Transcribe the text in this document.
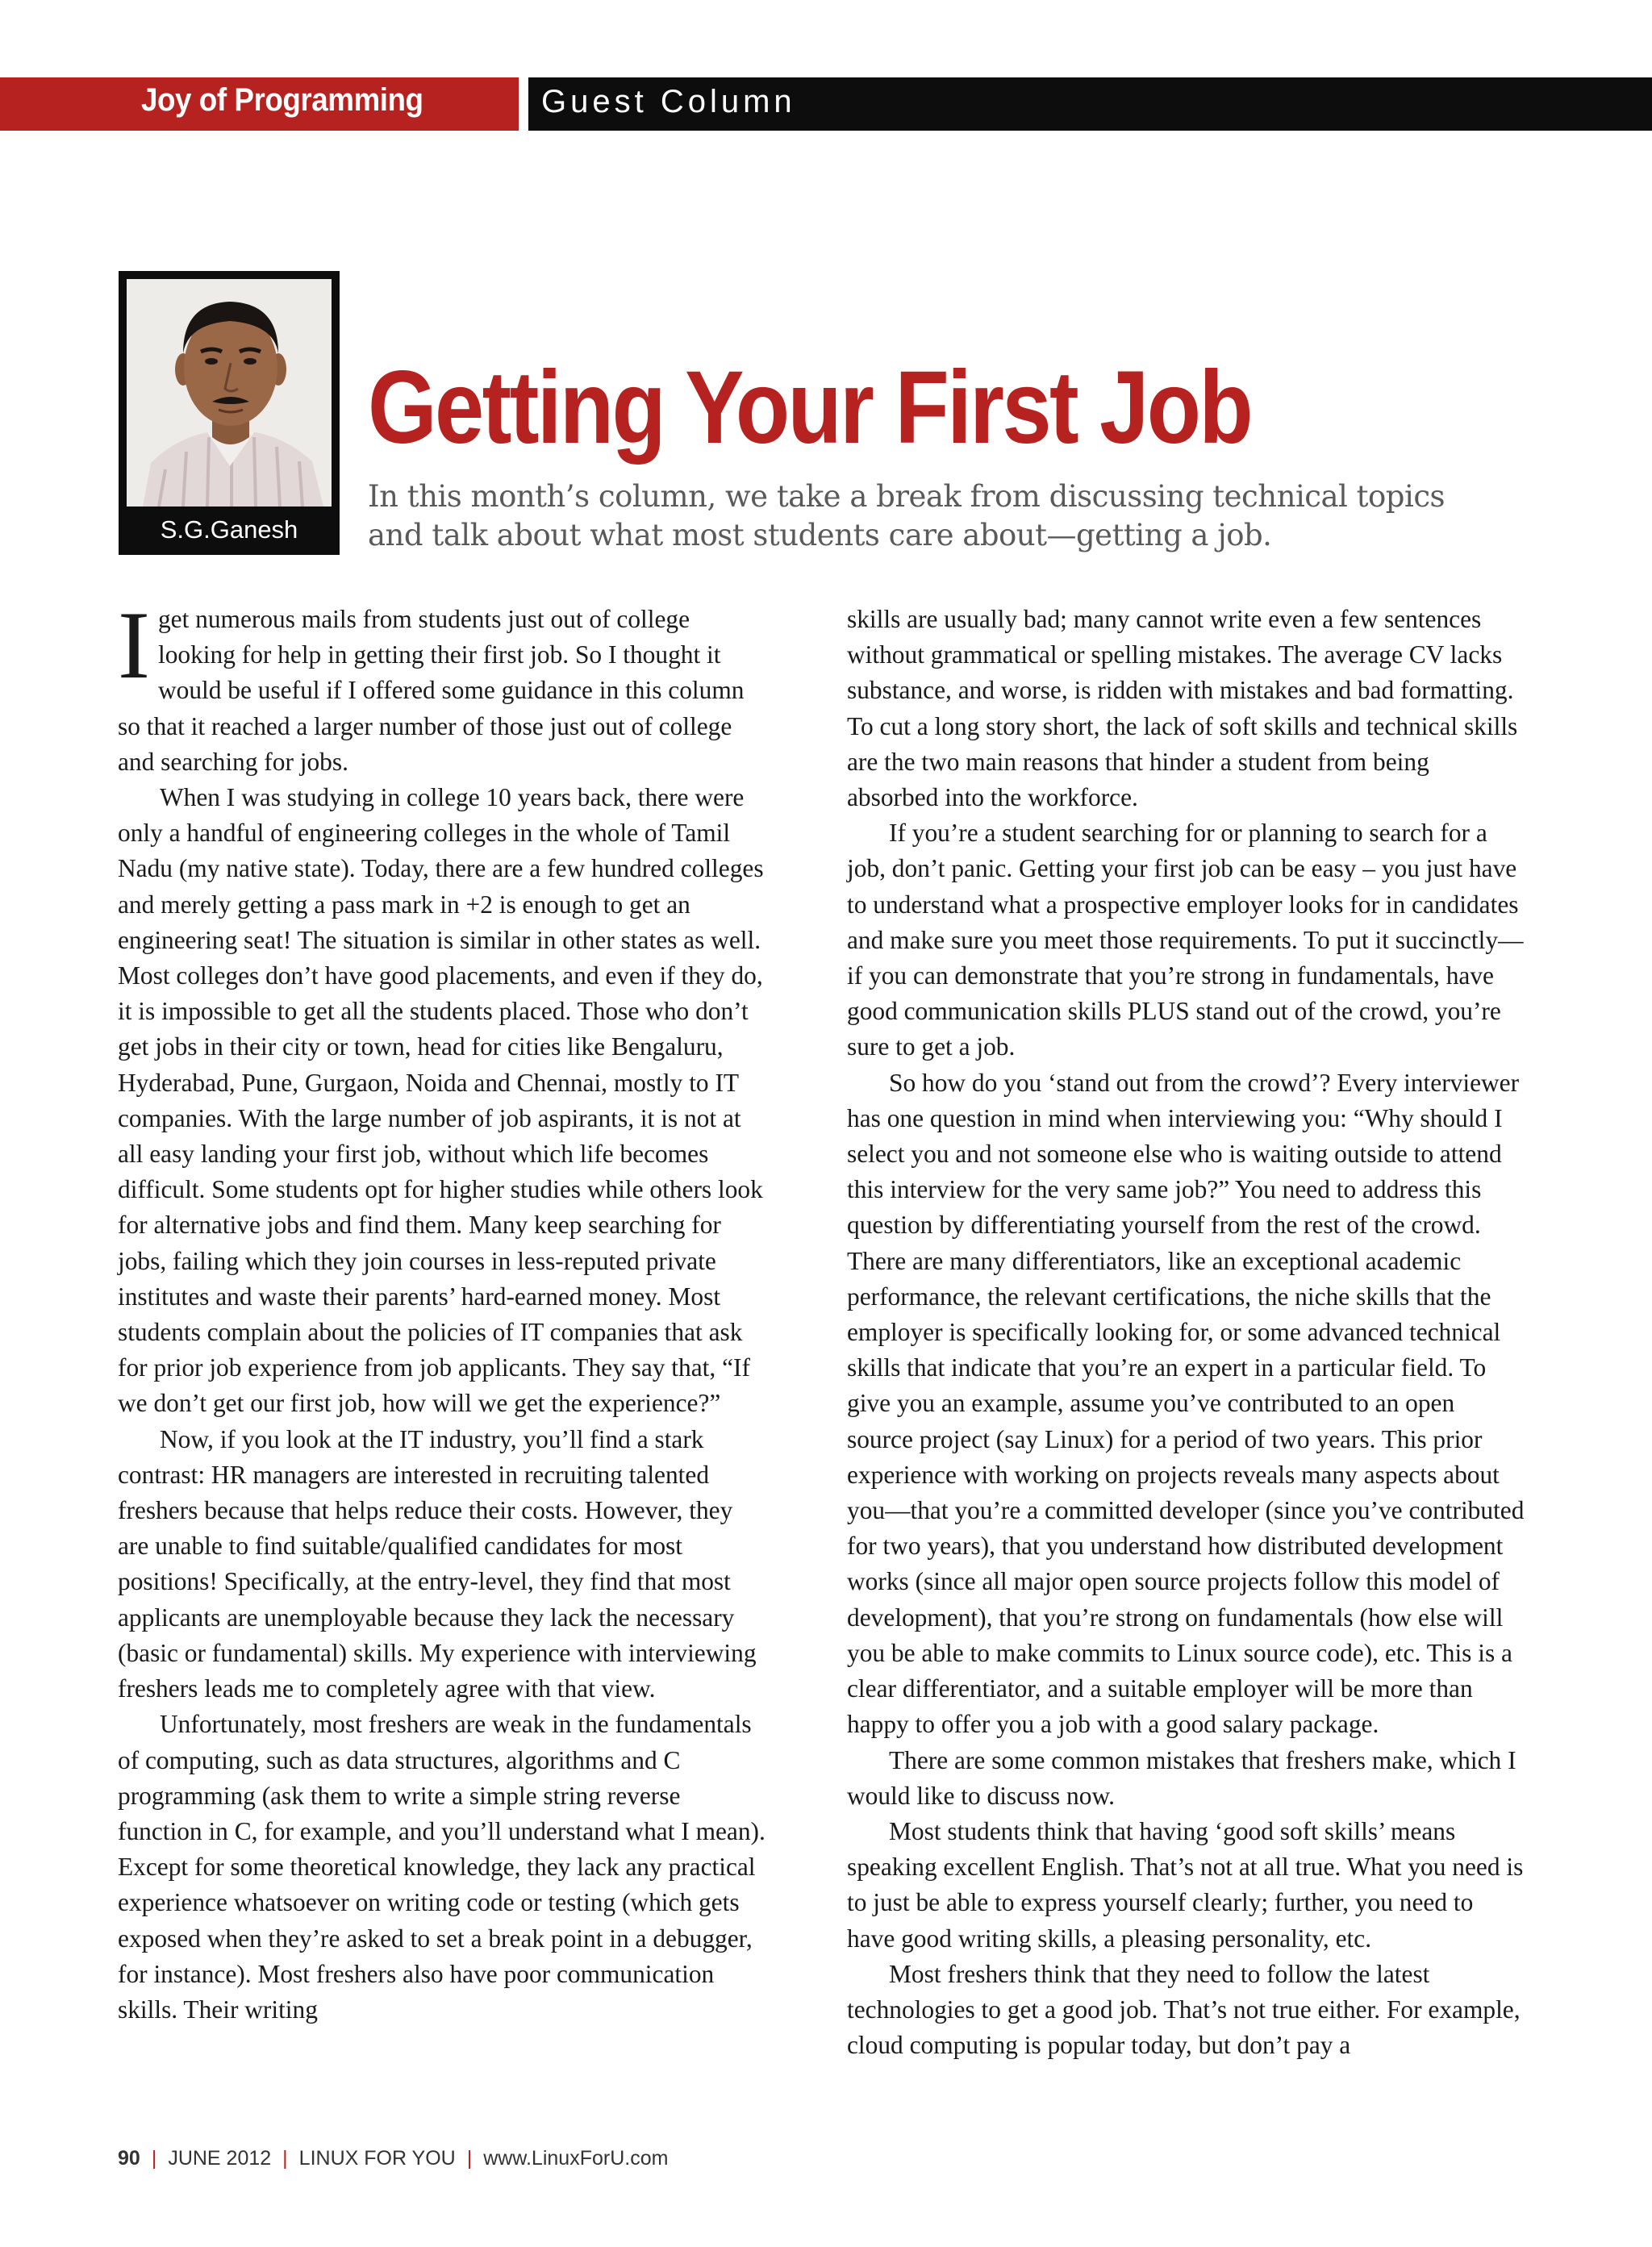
Joy of Programming	Guest Column
S.G.Ganesh
Getting Your First Job

In this month’s column, we take a break from discussing technical topics and talk about what most students care about—getting a job.

Iget numerous mails from students just out of college looking for help in getting their first job. So I thought it would be useful if I offered some guidance in this column so that it reached a larger number of those just out of college and searching for jobs.

When I was studying in college 10 years back, there were only a handful of engineering colleges in the whole of Tamil Nadu (my native state). Today, there are a few hundred colleges and merely getting a pass mark in +2 is enough to get an engineering seat! The situation is similar in other states as well. Most colleges don’t have good placements, and even if they do, it is impossible to get all the students placed. Those who don’t get jobs in their city or town, head for cities like Bengaluru, Hyderabad, Pune, Gurgaon, Noida and Chennai, mostly to IT companies. With the large number of job aspirants, it is not at all easy landing your first job, without which life becomes difficult. Some students opt for higher studies while others look for alternative jobs and find them. Many keep searching for jobs, failing which they join courses in less-reputed private institutes and waste their parents’ hard-earned money. Most students complain about the policies of IT companies that ask for prior job experience from job applicants. They say that, “If we don’t get our first job, how will we get the experience?”

Now, if you look at the IT industry, you’ll find a stark contrast: HR managers are interested in recruiting talented freshers because that helps reduce their costs. However, they are unable to find suitable/qualified candidates for most positions! Specifically, at the entry-level, they find that most applicants are unemployable because they lack the necessary (basic or fundamental) skills. My experience with interviewing freshers leads me to completely agree with that view.

Unfortunately, most freshers are weak in the fundamentals of computing, such as data structures, algorithms and C programming (ask them to write a simple string reverse function in C, for example, and you’ll understand what I mean). Except for some theoretical knowledge, they lack any practical experience whatsoever on writing code or testing (which gets exposed when they’re asked to set a break point in a debugger, for instance). Most freshers also have poor communication skills. Their writing

skills are usually bad; many cannot write even a few sentences without grammatical or spelling mistakes. The average CV lacks substance, and worse, is ridden with mistakes and bad formatting. To cut a long story short, the lack of soft skills and technical skills are the two main reasons that hinder a student from being absorbed into the workforce.

If you’re a student searching for or planning to search for a job, don’t panic. Getting your first job can be easy – you just have to understand what a prospective employer looks for in candidates and make sure you meet those requirements. To put it succinctly—if you can demonstrate that you’re strong in fundamentals, have good communication skills PLUS stand out of the crowd, you’re sure to get a job.

So how do you ‘stand out from the crowd’? Every interviewer has one question in mind when interviewing you: “Why should I select you and not someone else who is waiting outside to attend this interview for the very same job?” You need to address this question by differentiating yourself from the rest of the crowd. There are many differentiators, like an exceptional academic performance, the relevant certifications, the niche skills that the employer is specifically looking for, or some advanced technical skills that indicate that you’re an expert in a particular field. To give you an example, assume you’ve contributed to an open source project (say Linux) for a period of two years. This prior experience with working on projects reveals many aspects about you—that you’re a committed developer (since you’ve contributed for two years), that you understand how distributed development works (since all major open source projects follow this model of development), that you’re strong on fundamentals (how else will you be able to make commits to Linux source code), etc. This is a clear differentiator, and a suitable employer will be more than happy to offer you a job with a good salary package.

There are some common mistakes that freshers make, which I would like to discuss now.

Most students think that having ‘good soft skills’ means speaking excellent English. That’s not at all true. What you need is to just be able to express yourself clearly; further, you need to have good writing skills, a pleasing personality, etc.

Most freshers think that they need to follow the latest technologies to get a good job. That’s not true either. For example, cloud computing is popular today, but don’t pay a

90 | JUNE 2012 | LINUX FOR YOU | www.LinuxForU.com
